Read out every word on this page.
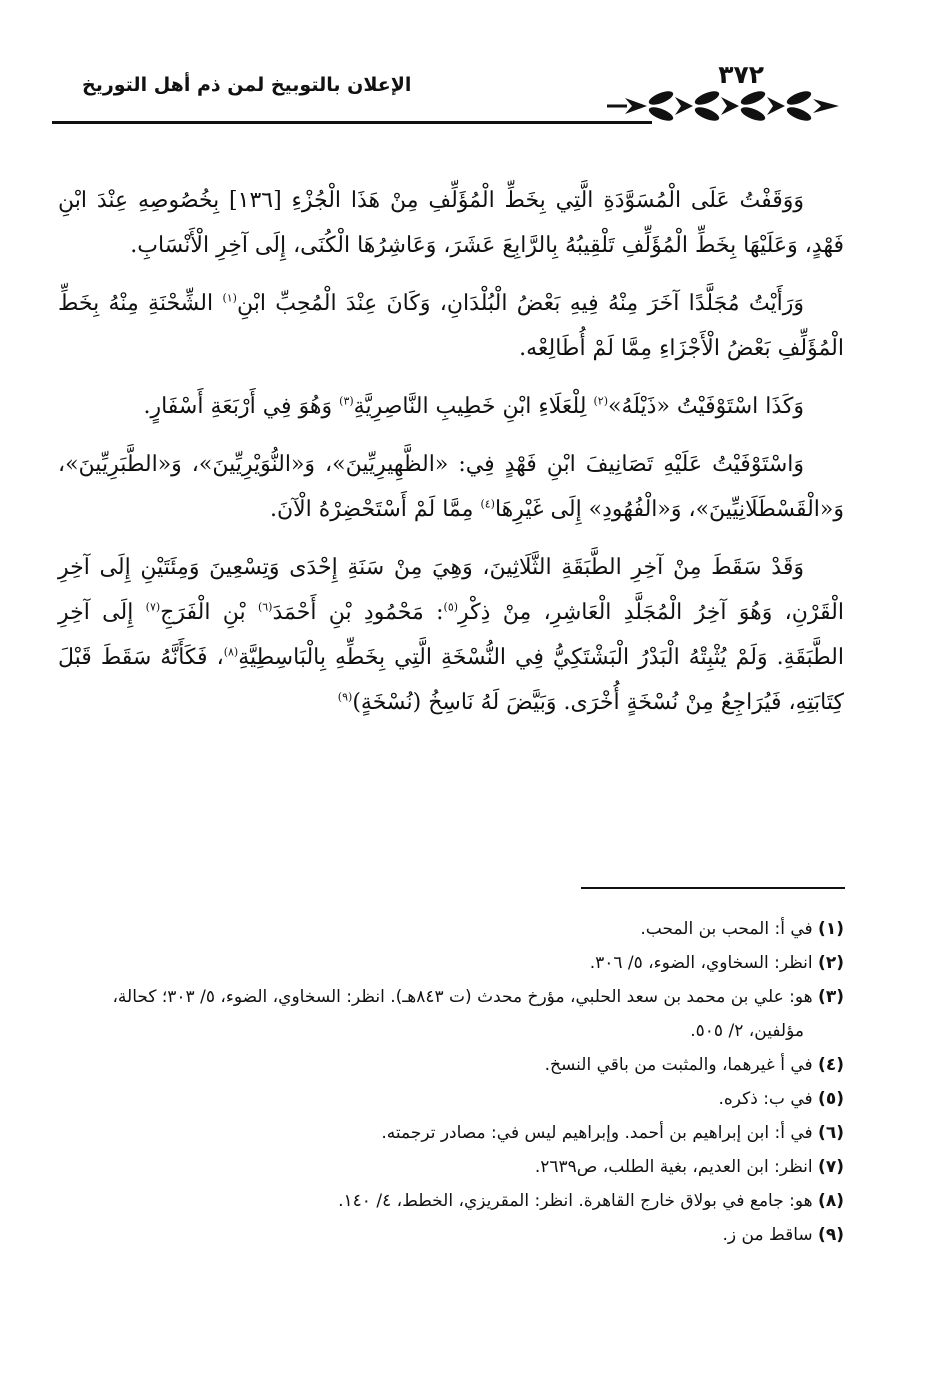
الإعلان بالتوبيخ لمن ذم أهل التوريخ	٣٧٢

وَوَقَفْتُ عَلَى الْمُسَوَّدَةِ الَّتِي بِخَطِّ الْمُؤَلِّفِ مِنْ هَذَا الْجُزْءِ [١٣٦] بِخُصُوصِهِ عِنْدَ ابْنِ فَهْدٍ، وَعَلَيْهَا بِخَطِّ الْمُؤَلِّفِ تَلْقِيبُهُ بِالرَّابِعَ عَشَرَ، وَعَاشِرُهَا الْكُنَى، إِلَى آخِرِ الْأَنْسَابِ.

وَرَأَيْتُ مُجَلَّدًا آخَرَ مِنْهُ فِيهِ بَعْضُ الْبُلْدَانِ، وَكَانَ عِنْدَ الْمُحِبِّ ابْنِ$^{(١)}$ الشِّحْنَةِ مِنْهُ بِخَطِّ الْمُؤَلِّفِ بَعْضُ الْأَجْزَاءِ مِمَّا لَمْ أُطَالِعْه.

وَكَذَا اسْتَوْفَيْتُ «ذَيْلَهُ»$^{(٢)}$ لِلْعَلَاءِ ابْنِ خَطِيبِ النَّاصِرِيَّةِ$^{(٣)}$ وَهُوَ فِي أَرْبَعَةِ أَسْفَارٍ.

وَاسْتَوْفَيْتُ عَلَيْهِ تَصَانِيفَ ابْنِ فَهْدٍ فِي: «الظَّهِيرِيِّينَ»، وَ«النُّوَيْرِيِّينَ»، وَ«الطَّبَرِيِّينَ»، وَ«الْقَسْطَلَانِيِّينَ»، وَ«الْفُهُودِ» إِلَى غَيْرِهَا$^{(٤)}$ مِمَّا لَمْ أَسْتَحْضِرْهُ الْآنَ.

وَقَدْ سَقَطَ مِنْ آخِرِ الطَّبَقَةِ الثَّلَاثِينَ، وَهِيَ مِنْ سَنَةِ إِحْدَى وَتِسْعِينَ وَمِئَتَيْنِ إِلَى آخِرِ الْقَرْنِ، وَهُوَ آخِرُ الْمُجَلَّدِ الْعَاشِرِ، مِنْ ذِكْرِ$^{(٥)}$: مَحْمُودِ بْنِ أَحْمَدَ$^{(٦)}$ بْنِ الْفَرَجِ$^{(٧)}$ إِلَى آخِرِ الطَّبَقَةِ. وَلَمْ يُثْبِتْهُ الْبَدْرُ الْبَشْتَكِيُّ فِي النُّسْخَةِ الَّتِي بِخَطِّهِ بِالْبَاسِطِيَّةِ$^{(٨)}$، فَكَأَنَّهُ سَقَطَ قَبْلَ كِتَابَتِهِ، فَيُرَاجِعُ مِنْ نُسْخَةٍ أُخْرَى. وَبَيَّضَ لَهُ نَاسِخُ (نُسْخَةٍ)$^{(٩)}$

(١) في أ: المحب بن المحب.

(٢) انظر: السخاوي، الضوء، ٥/ ٣٠٦.

(٣) هو: علي بن محمد بن سعد الحلبي، مؤرخ محدث (ت ٨٤٣هـ). انظر: السخاوي، الضوء، ٥/ ٣٠٣؛ كحالة، مؤلفين، ٢/ ٥٠٥.

(٤) في أ غيرهما، والمثبت من باقي النسخ.

(٥) في ب: ذكره.

(٦) في أ: ابن إبراهيم بن أحمد. وإبراهيم ليس في: مصادر ترجمته.

(٧) انظر: ابن العديم، بغية الطلب، ص٢٦٣٩.

(٨) هو: جامع في بولاق خارج القاهرة. انظر: المقريزي، الخطط، ٤/ ١٤٠.

(٩) ساقط من ز.
